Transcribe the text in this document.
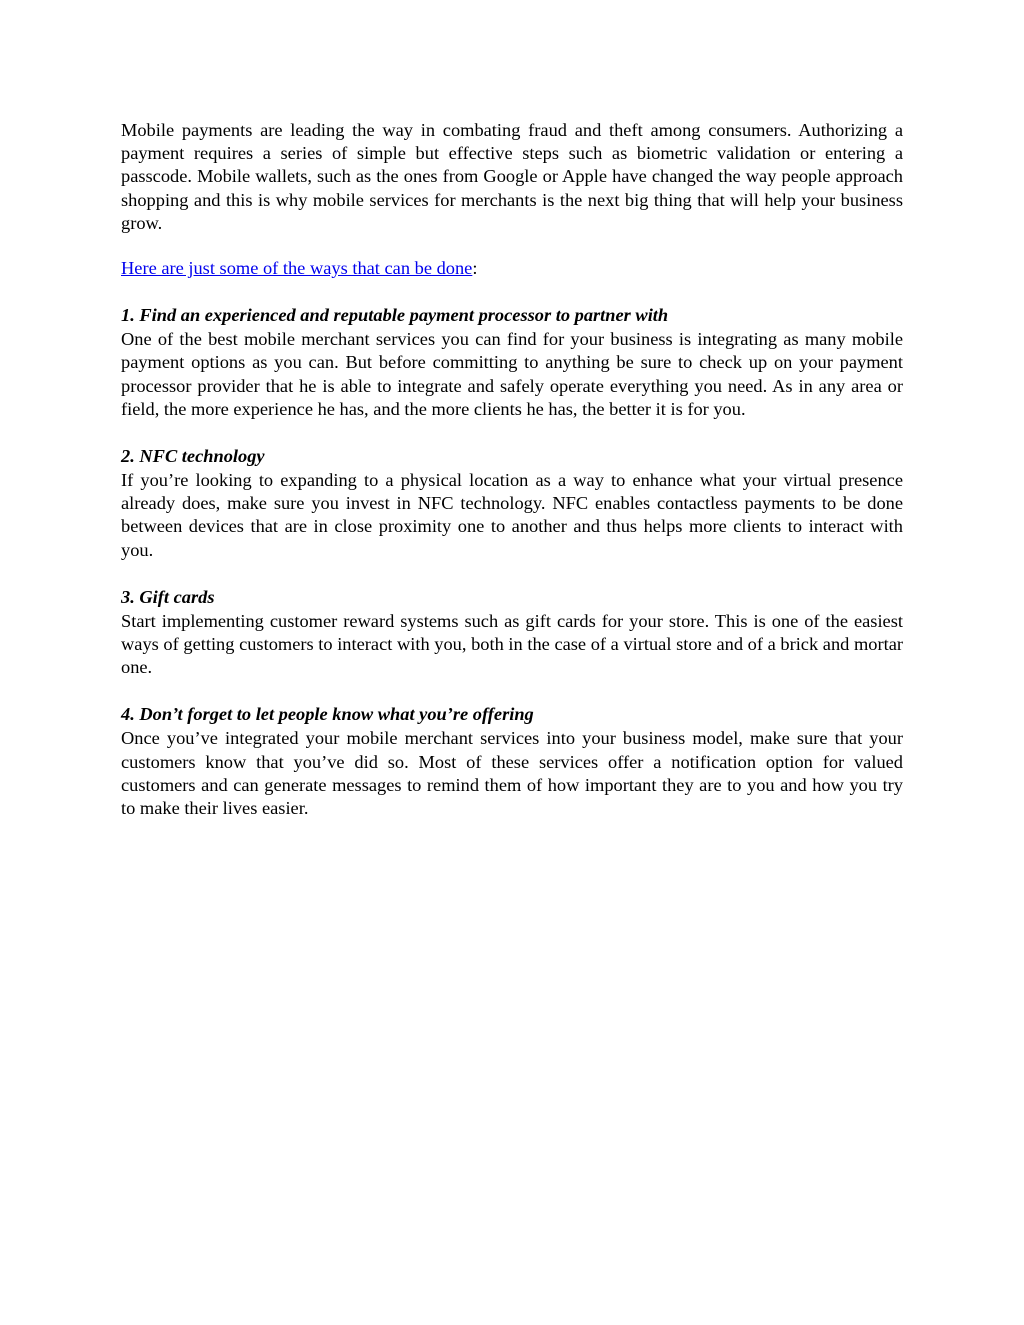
Mobile payments are leading the way in combating fraud and theft among consumers. Authorizing a payment requires a series of simple but effective steps such as biometric validation or entering a passcode. Mobile wallets, such as the ones from Google or Apple have changed the way people approach shopping and this is why mobile services for merchants is the next big thing that will help your business grow.

Here are just some of the ways that can be done:

1. Find an experienced and reputable payment processor to partner with

One of the best mobile merchant services you can find for your business is integrating as many mobile payment options as you can. But before committing to anything be sure to check up on your payment processor provider that he is able to integrate and safely operate everything you need. As in any area or field, the more experience he has, and the more clients he has, the better it is for you.

2. NFC technology

If you’re looking to expanding to a physical location as a way to enhance what your virtual presence already does, make sure you invest in NFC technology. NFC enables contactless payments to be done between devices that are in close proximity one to another and thus helps more clients to interact with you.

3. Gift cards

Start implementing customer reward systems such as gift cards for your store. This is one of the easiest ways of getting customers to interact with you, both in the case of a virtual store and of a brick and mortar one.

4. Don’t forget to let people know what you’re offering

Once you’ve integrated your mobile merchant services into your business model, make sure that your customers know that you’ve did so. Most of these services offer a notification option for valued customers and can generate messages to remind them of how important they are to you and how you try to make their lives easier.
